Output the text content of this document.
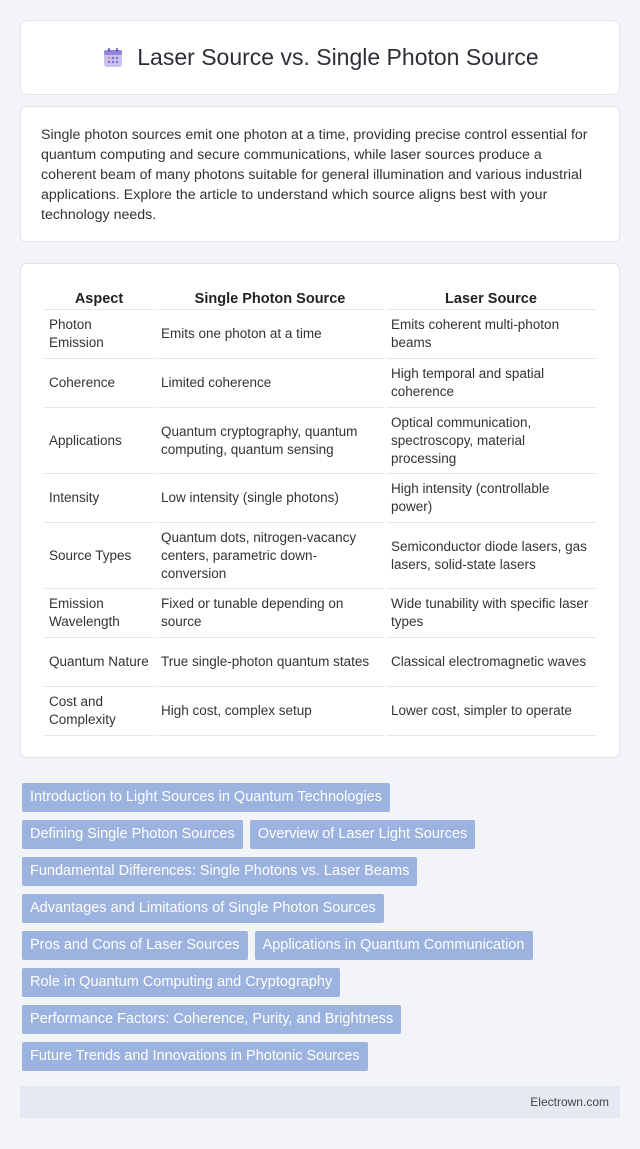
Laser Source vs. Single Photon Source

Single photon sources emit one photon at a time, providing precise control essential for quantum computing and secure communications, while laser sources produce a coherent beam of many photons suitable for general illumination and various industrial applications. Explore the article to understand which source aligns best with your technology needs.

Aspect	Single Photon Source	Laser Source
Photon Emission	Emits one photon at a time	Emits coherent multi-photon beams
Coherence	Limited coherence	High temporal and spatial coherence
Applications	Quantum cryptography, quantum computing, quantum sensing	Optical communication, spectroscopy, material processing
Intensity	Low intensity (single photons)	High intensity (controllable power)
Source Types	Quantum dots, nitrogen-vacancy centers, parametric down-conversion	Semiconductor diode lasers, gas lasers, solid-state lasers
Emission Wavelength	Fixed or tunable depending on source	Wide tunability with specific laser types
Quantum Nature	True single-photon quantum states	Classical electromagnetic waves
Cost and Complexity	High cost, complex setup	Lower cost, simpler to operate
Introduction to Light Sources in Quantum Technologies
Defining Single Photon Sources	Overview of Laser Light Sources
Fundamental Differences: Single Photons vs. Laser Beams
Advantages and Limitations of Single Photon Sources
Pros and Cons of Laser Sources	Applications in Quantum Communication
Role in Quantum Computing and Cryptography
Performance Factors: Coherence, Purity, and Brightness
Future Trends and Innovations in Photonic Sources
Electrown.com
